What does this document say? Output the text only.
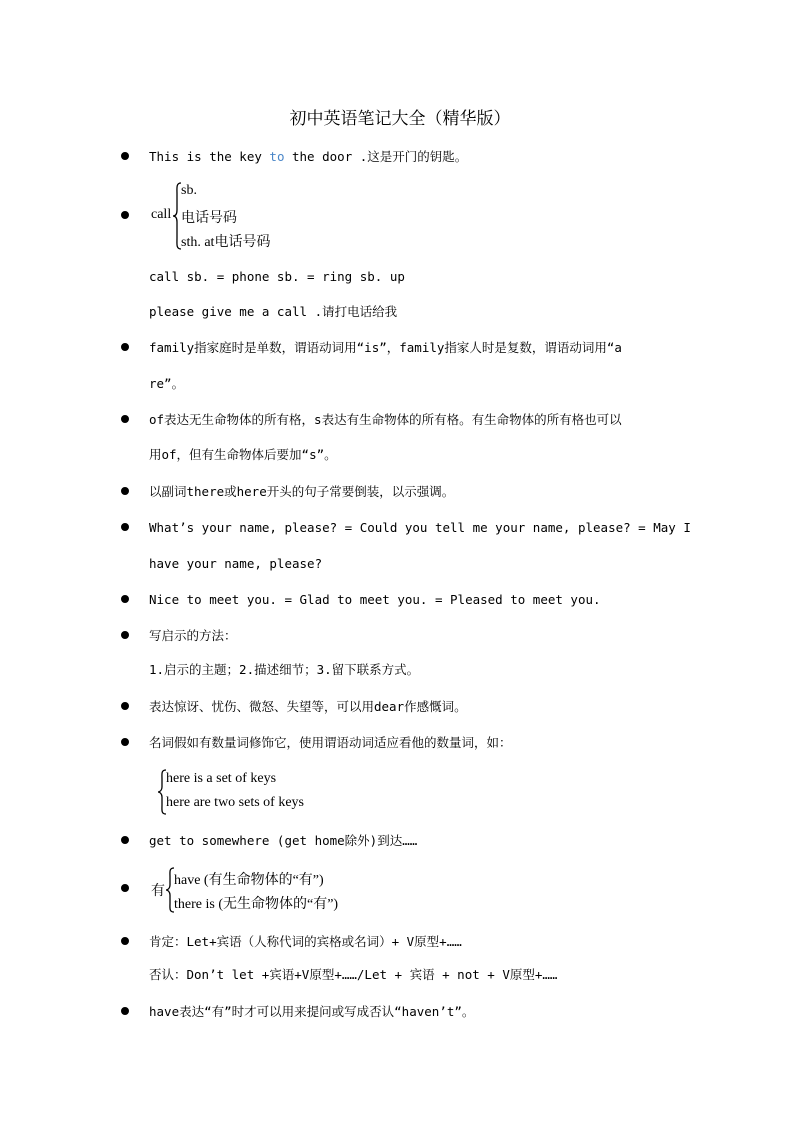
初中英语笔记大全（精华版）
This is the key to the door .这是开门的钥匙。
call
sb.
电话号码
sth. at电话号码
call sb. = phone sb. = ring sb. up
please give me a call .请打电话给我
family指家庭时是单数，谓语动词用“is”，family指家人时是复数，谓语动词用“a
re”。
of表达无生命物体的所有格，s表达有生命物体的所有格。有生命物体的所有格也可以
用of，但有生命物体后要加“s”。
以副词there或here开头的句子常要倒装，以示强调。
What’s your name, please? = Could you tell me your name, please? = May I
have your name, please?
Nice to meet you. = Glad to meet you. = Pleased to meet you.
写启示的方法：
1.启示的主题；2.描述细节；3.留下联系方式。
表达惊讶、忧伤、微怒、失望等，可以用dear作感慨词。
名词假如有数量词修饰它，使用谓语动词适应看他的数量词，如：
here is a set of keys
here are two sets of keys
get to somewhere (get home除外)到达……
有
have (有生命物体的“有”)
there is (无生命物体的“有”)
肯定：Let+宾语（人称代词的宾格或名词）+ V原型+……
否认：Don’t let +宾语+V原型+……/Let + 宾语 + not + V原型+……
have表达“有”时才可以用来提问或写成否认“haven’t”。
